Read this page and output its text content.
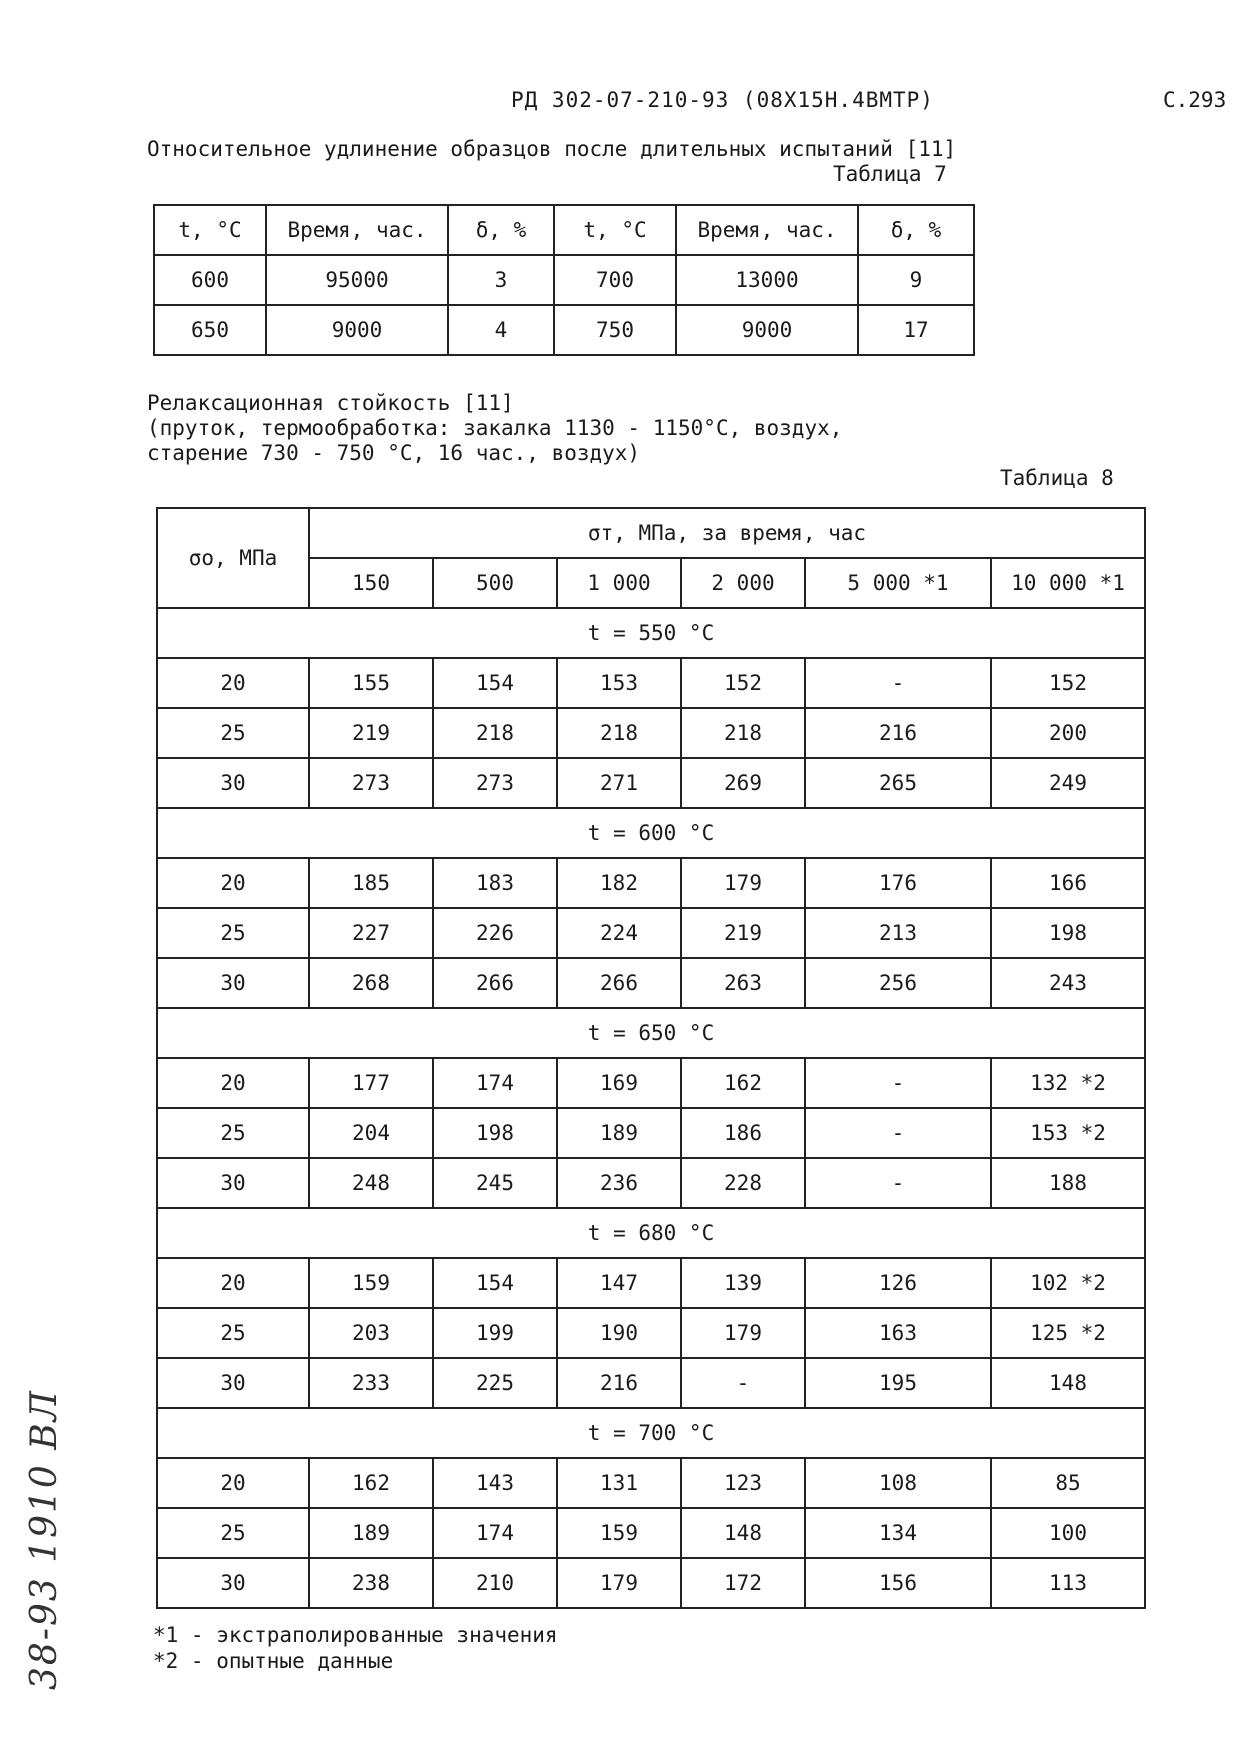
РД 302-07-210-93 (08Х15Н.4ВМТР)	С.293
Относительное удлинение образцов после длительных испытаний [11]
Таблица 7
t, °C	Время, час.	δ, %	t, °C	Время, час.	δ, %
600	95000	3	700	13000	9
650	9000	4	750	9000	17
Релаксационная стойкость [11]
(пруток, термообработка: закалка 1130 - 1150°С, воздух,
старение 730 - 750 °С, 16 час., воздух)
Таблица 8
σo, МПа	σт, МПа, за время, час					
	150	500	1 000	2 000	5 000 *1	10 000 *1
t = 550 °C						
20	155	154	153	152	-	152
25	219	218	218	218	216	200
30	273	273	271	269	265	249
t = 600 °C						
20	185	183	182	179	176	166
25	227	226	224	219	213	198
30	268	266	266	263	256	243
t = 650 °C						
20	177	174	169	162	-	132 *2
25	204	198	189	186	-	153 *2
30	248	245	236	228	-	188
t = 680 °C						
20	159	154	147	139	126	102 *2
25	203	199	190	179	163	125 *2
30	233	225	216	-	195	148
t = 700 °C						
20	162	143	131	123	108	85
25	189	174	159	148	134	100
30	238	210	179	172	156	113
*1 - экстраполированные значения
*2 - опытные данные
38-93 1910 ВЛ
